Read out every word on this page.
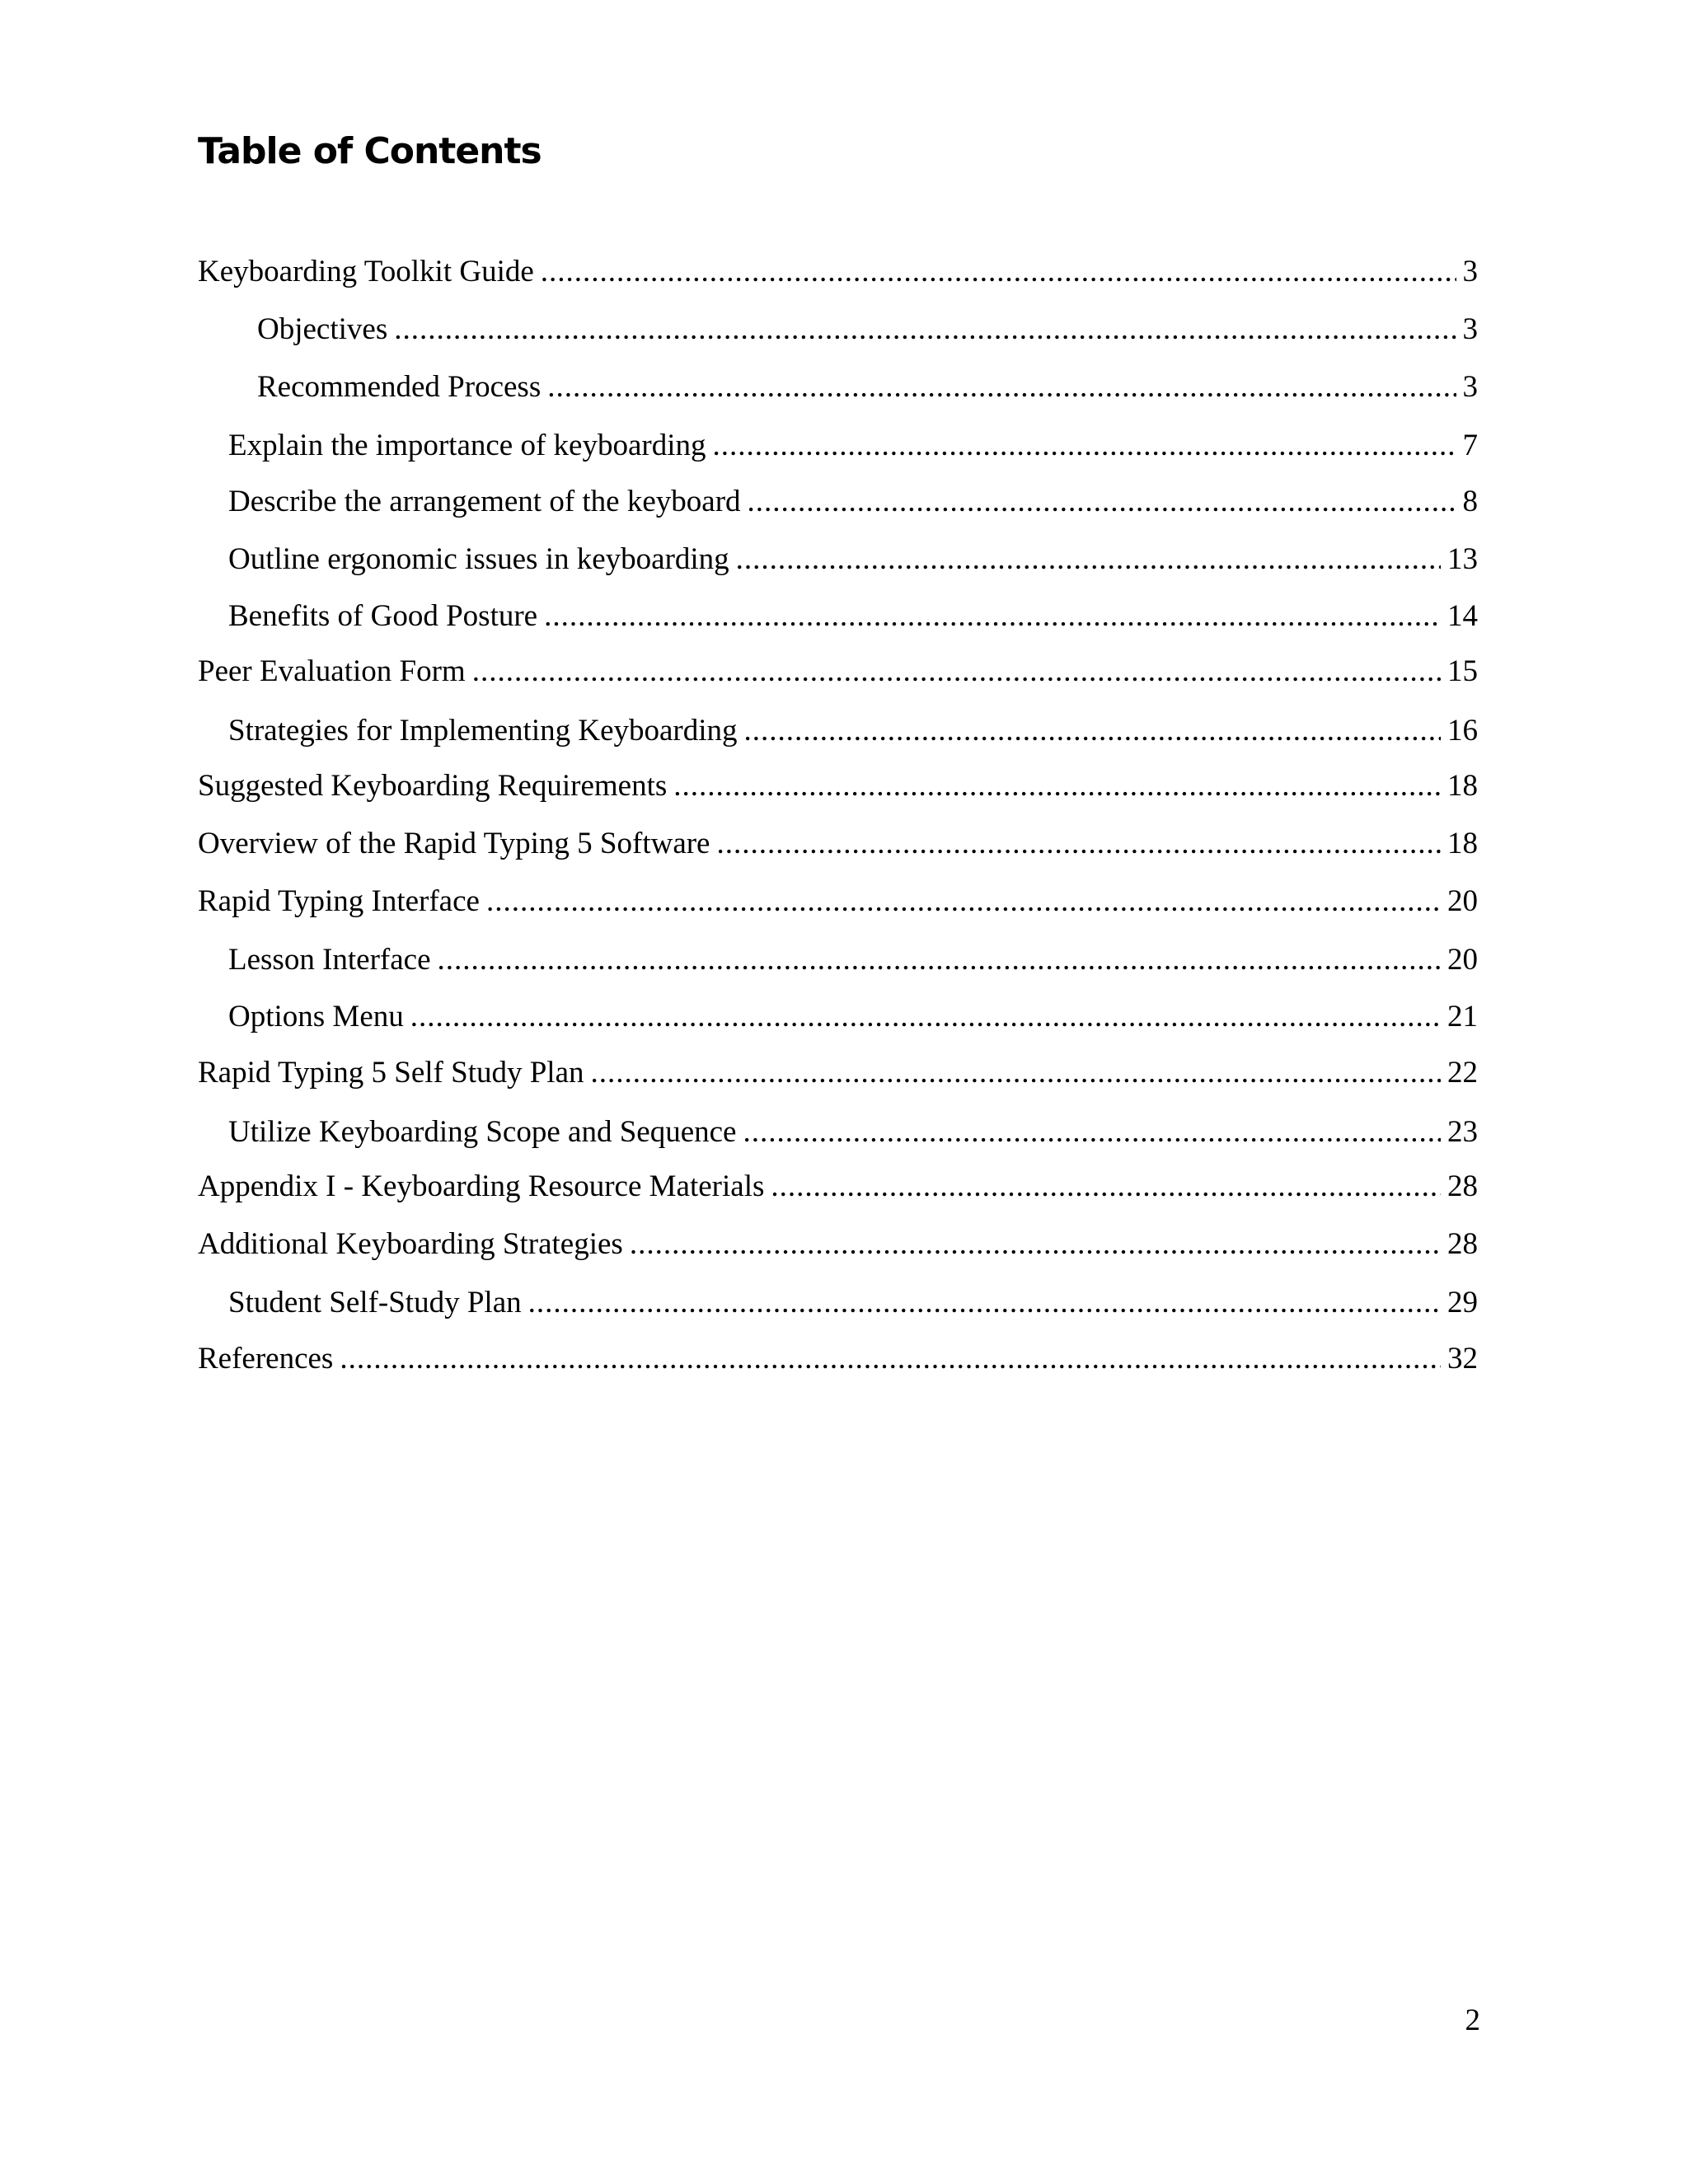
Table of Contents
Keyboarding Toolkit Guide .....	3
Objectives .....	3
Recommended Process .....	3
Explain the importance of keyboarding .....	7
Describe the arrangement of the keyboard .....	8
Outline ergonomic issues in keyboarding .....	13
Benefits of Good Posture .....	14
Peer Evaluation Form .....	15
Strategies for Implementing Keyboarding .....	16
Suggested Keyboarding Requirements .....	18
Overview of the Rapid Typing 5 Software .....	18
Rapid Typing Interface .....	20
Lesson Interface .....	20
Options Menu .....	21
Rapid Typing 5 Self Study Plan .....	22
Utilize Keyboarding Scope and Sequence .....	23
Appendix I - Keyboarding Resource Materials .....	28
Additional Keyboarding Strategies .....	28
Student Self-Study Plan .....	29
References .....	32
2
